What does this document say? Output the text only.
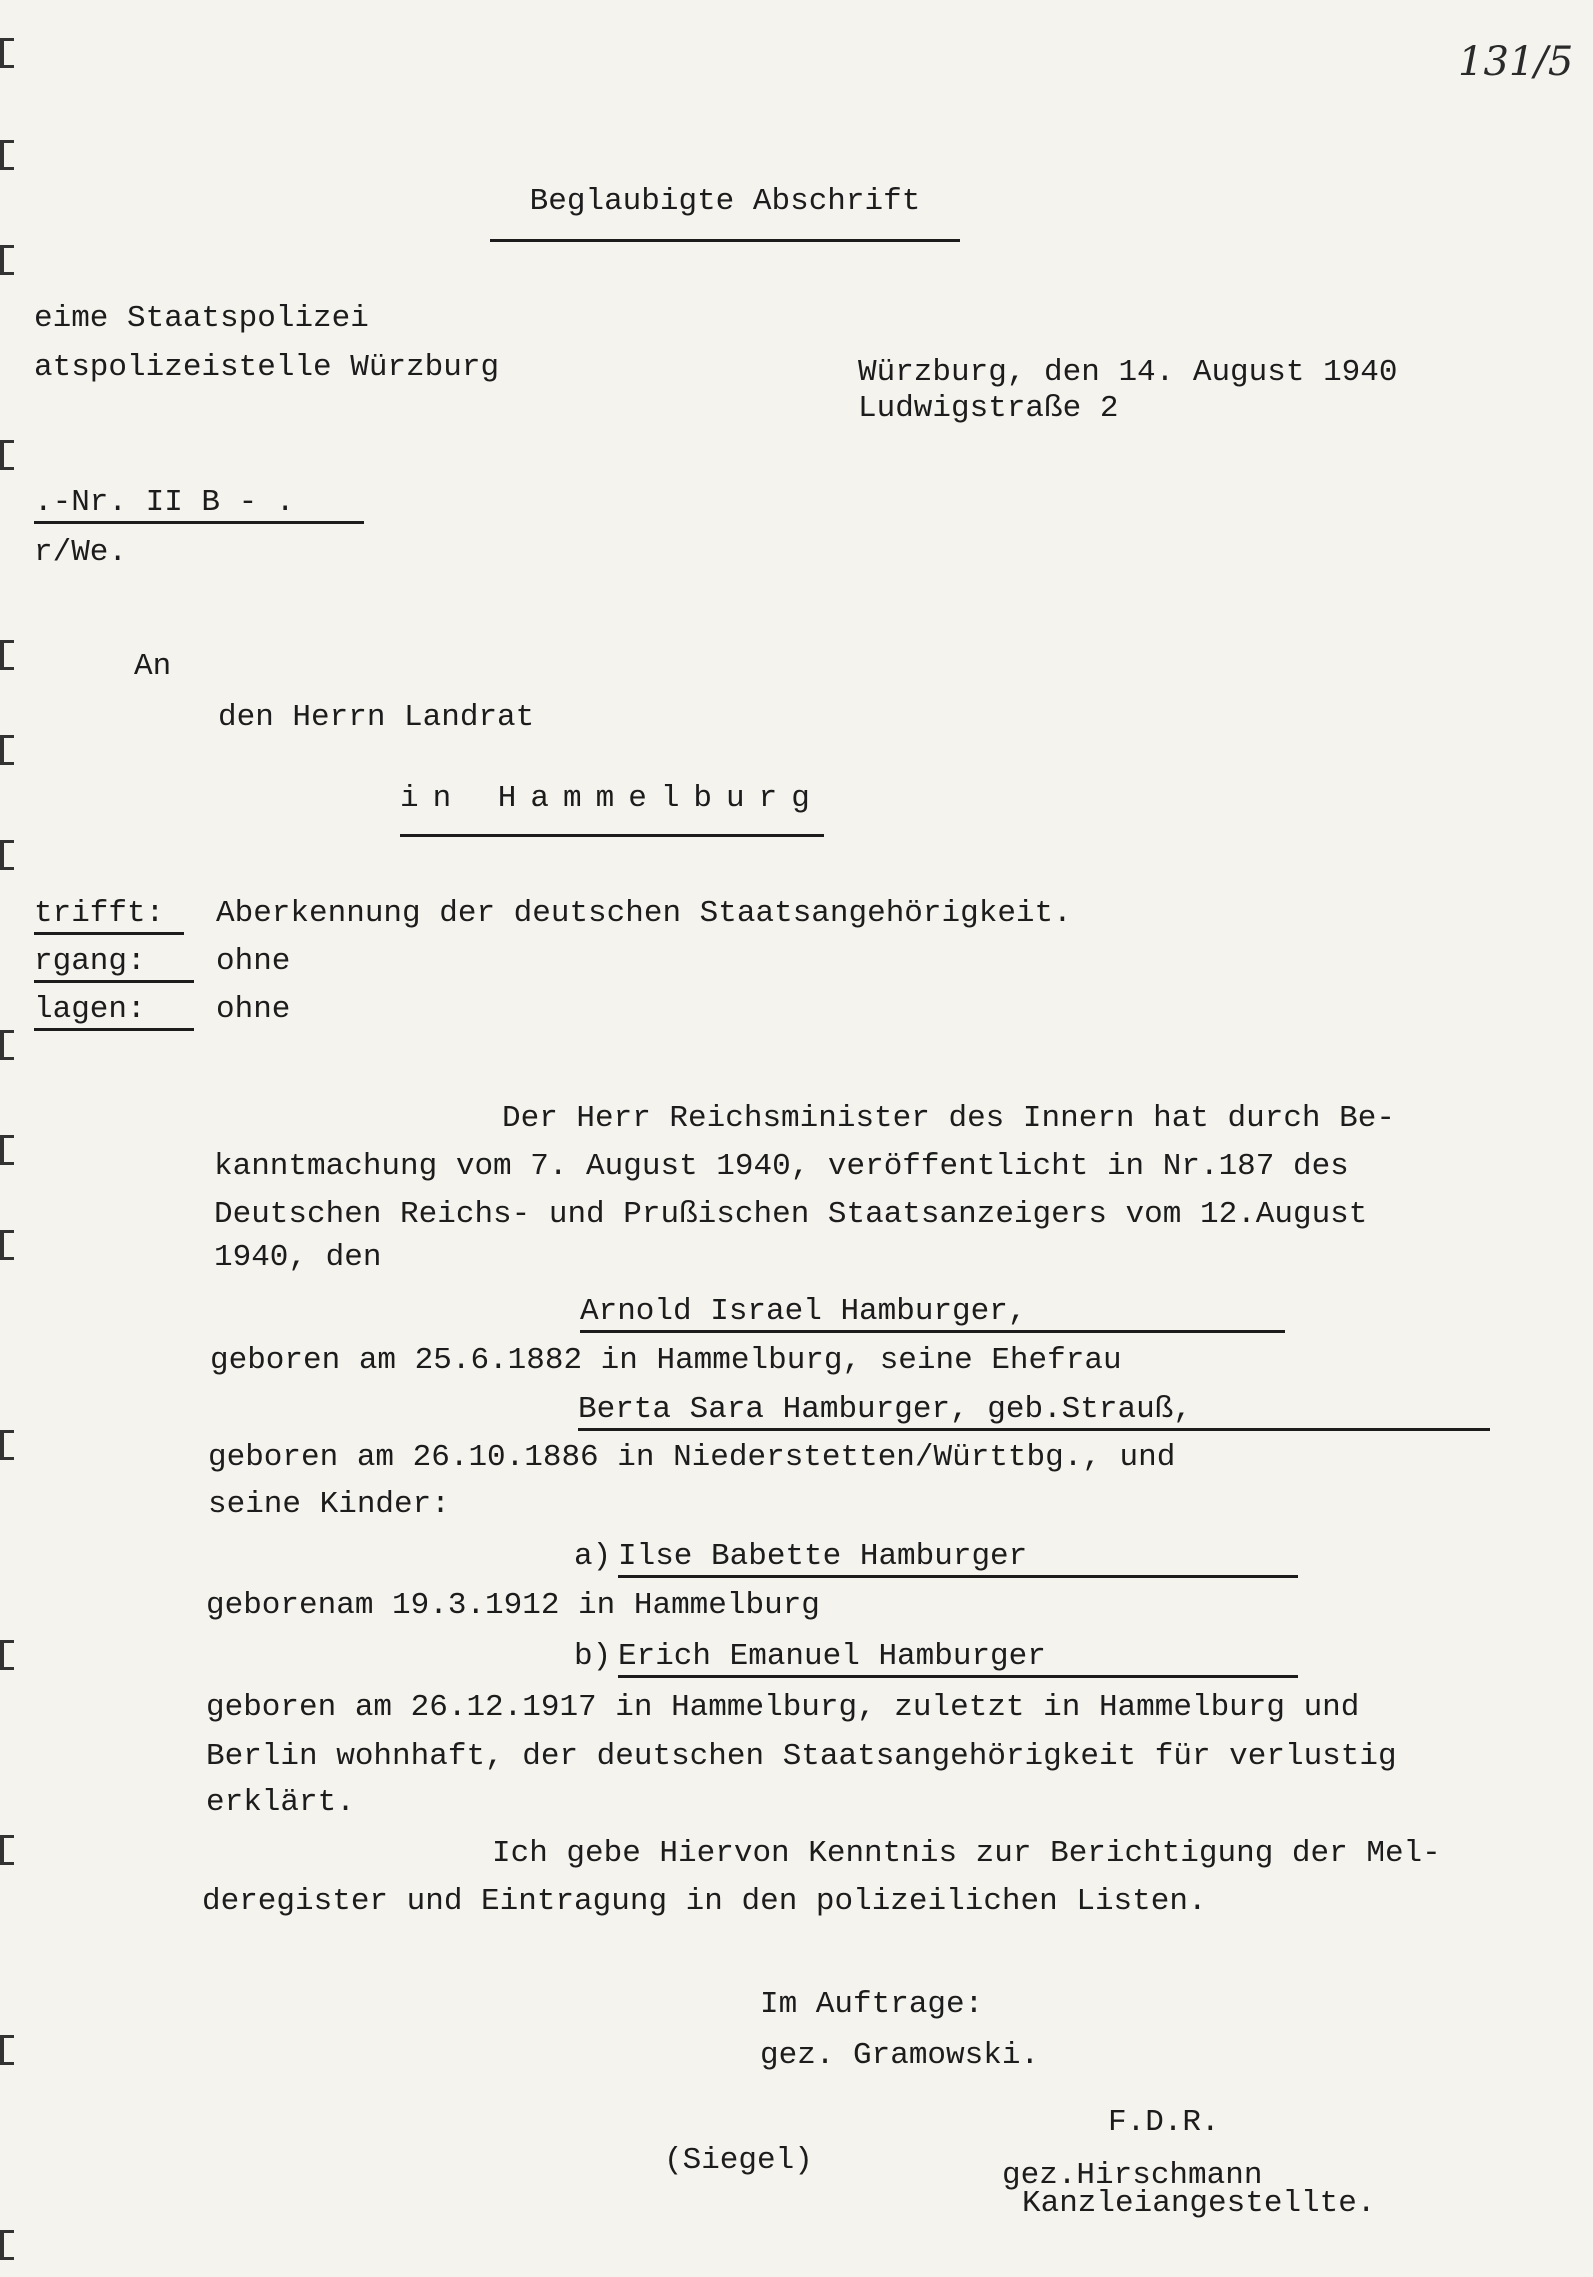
131/5
Beglaubigte Abschrift
eime Staatspolizei
atspolizeistelle Würzburg	Würzburg, den 14. August 1940
Ludwigstraße 2
.-Nr. II B - .
r/We.
An
den Herrn Landrat
in Hammelburg
trifft:	Aberkennung der deutschen Staatsangehörigkeit.
rgang:	ohne
lagen:	ohne
Der Herr Reichsminister des Innern hat durch Be-
kanntmachung vom 7. August 1940, veröffentlicht in Nr.187 des
Deutschen Reichs- und Prußischen Staatsanzeigers vom 12.August
1940, den
Arnold Israel Hamburger,
geboren am 25.6.1882 in Hammelburg, seine Ehefrau
Berta Sara Hamburger, geb.Strauß,
geboren am 26.10.1886 in Niederstetten/Württbg., und
seine Kinder:
a) Ilse Babette Hamburger
geborenam 19.3.1912 in Hammelburg
b) Erich Emanuel Hamburger
geboren am 26.12.1917 in Hammelburg, zuletzt in Hammelburg und
Berlin wohnhaft, der deutschen Staatsangehörigkeit für verlustig
erklärt.
Ich gebe Hiervon Kenntnis zur Berichtigung der Mel-
deregister und Eintragung in den polizeilichen Listen.
Im Auftrage:
gez. Gramowski.
F.D.R.
(Siegel)	gez.Hirschmann
Kanzleiangestellte.
